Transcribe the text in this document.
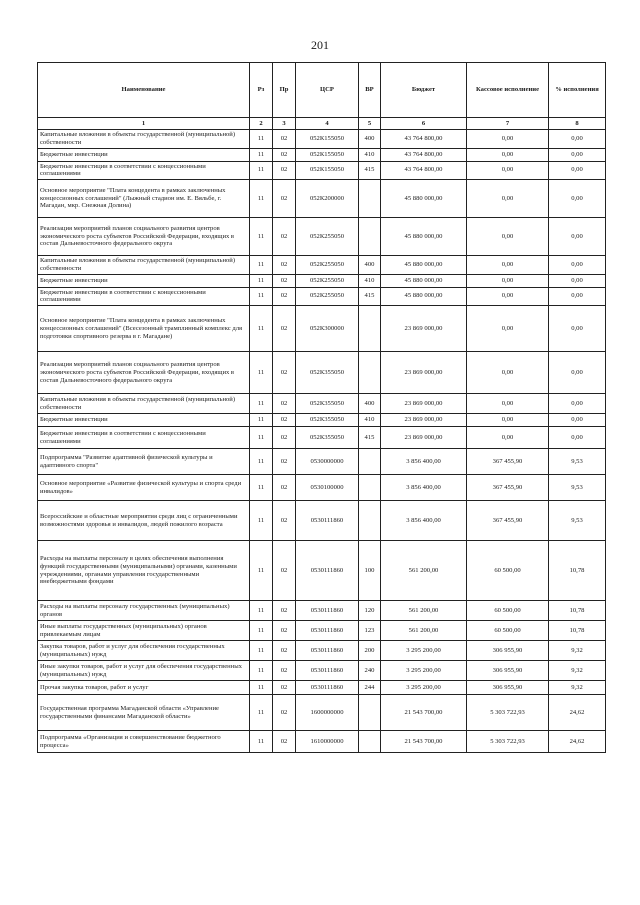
201
Наименование	Рз	Пр	ЦСР	ВР	Бюджет	Кассовое исполнение	% исполнения
1	2	3	4	5	6	7	8
Капитальные вложения в объекты государственной (муниципальной) собственности	11	02	052К155050	400	43 764 800,00	0,00	0,00
Бюджетные инвестиции	11	02	052К155050	410	43 764 800,00	0,00	0,00
Бюджетные инвестиции в соответствии с концессионными соглашениями	11	02	052К155050	415	43 764 800,00	0,00	0,00
Основное мероприятие "Плата концедента в рамках заключенных концессионных соглашений" (Лыжный стадион им. Е. Вяльбе, г. Магадан, мкр. Снежная Долина)	11	02	052К200000		45 880 000,00	0,00	0,00
Реализация мероприятий планов социального развития центров экономического роста субъектов Российской Федерации, входящих в состав Дальневосточного федерального округа	11	02	052К255050		45 880 000,00	0,00	0,00
Капитальные вложения в объекты государственной (муниципальной) собственности	11	02	052К255050	400	45 880 000,00	0,00	0,00
Бюджетные инвестиции	11	02	052К255050	410	45 880 000,00	0,00	0,00
Бюджетные инвестиции в соответствии с концессионными соглашениями	11	02	052К255050	415	45 880 000,00	0,00	0,00
Основное мероприятие "Плата концедента в рамках заключенных концессионных соглашений" (Всесезонный трамплинный комплекс для подготовки спортивного резерва в г. Магадане)	11	02	052К300000		23 869 000,00	0,00	0,00
Реализация мероприятий планов социального развития центров экономического роста субъектов Российской Федерации, входящих в состав Дальневосточного федерального округа	11	02	052К355050		23 869 000,00	0,00	0,00
Капитальные вложения в объекты государственной (муниципальной) собственности	11	02	052К355050	400	23 869 000,00	0,00	0,00
Бюджетные инвестиции	11	02	052К355050	410	23 869 000,00	0,00	0,00
Бюджетные инвестиции в соответствии с концессионными соглашениями	11	02	052К355050	415	23 869 000,00	0,00	0,00
Подпрограмма "Развитие адаптивной физической культуры и адаптивного спорта"	11	02	0530000000		3 856 400,00	367 455,90	9,53
Основное мероприятие «Развитие физической культуры и спорта среди инвалидов»	11	02	0530100000		3 856 400,00	367 455,90	9,53
Всероссийские и областные мероприятия среди лиц с ограниченными возможностями здоровья и инвалидов, людей пожилого возраста	11	02	0530111860		3 856 400,00	367 455,90	9,53
Расходы на выплаты персоналу в целях обеспечения выполнения функций государственными (муниципальными) органами, казенными учреждениями, органами управления государственными внебюджетными фондами	11	02	0530111860	100	561 200,00	60 500,00	10,78
Расходы на выплаты персоналу государственных (муниципальных) органов	11	02	0530111860	120	561 200,00	60 500,00	10,78
Иные выплаты государственных (муниципальных) органов привлекаемым лицам	11	02	0530111860	123	561 200,00	60 500,00	10,78
Закупка товаров, работ и услуг для обеспечения государственных (муниципальных) нужд	11	02	0530111860	200	3 295 200,00	306 955,90	9,32
Иные закупки товаров, работ и услуг для обеспечения государственных (муниципальных) нужд	11	02	0530111860	240	3 295 200,00	306 955,90	9,32
Прочая закупка товаров, работ и услуг	11	02	0530111860	244	3 295 200,00	306 955,90	9,32
Государственная программа Магаданской области «Управление государственными финансами Магаданской области»	11	02	1600000000		21 543 700,00	5 303 722,93	24,62
Подпрограмма «Организация и совершенствование бюджетного процесса»	11	02	1610000000		21 543 700,00	5 303 722,93	24,62
